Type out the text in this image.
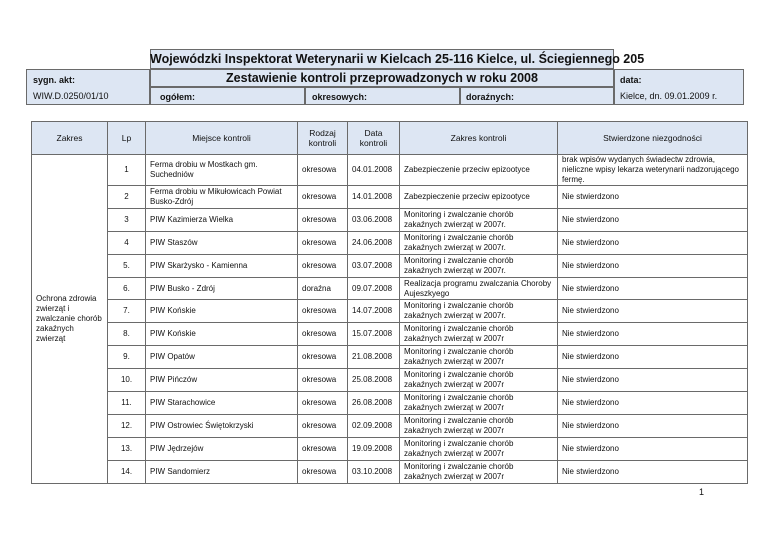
Wojewódzki Inspektorat Weterynarii w Kielcach 25-116 Kielce, ul. Ściegiennego 205
sygn. akt:
WIW.D.0250/01/10
Zestawienie kontroli przeprowadzonych w roku 2008
ogółem:	okresowych:	doraźnych:
data:
Kielce, dn. 09.01.2009 r.
Zakres	Lp	Miejsce kontroli	Rodzaj kontroli	Data kontroli	Zakres kontroli	Stwierdzone niezgodności
Ochrona zdrowia zwierząt i zwalczanie chorób zakaźnych zwierząt	1	Ferma drobiu w Mostkach gm. Suchedniów	okresowa	04.01.2008	Zabezpieczenie przeciw epizootyce	brak wpisów wydanych świadectw zdrowia, nieliczne wpisy lekarza weterynarii nadzorującego fermę.
	2	Ferma drobiu w Mikułowicach Powiat Busko-Zdrój	okresowa	14.01.2008	Zabezpieczenie przeciw epizootyce	Nie stwierdzono
	3	PIW Kazimierza Wielka	okresowa	03.06.2008	Monitoring i zwalczanie chorób zakaźnych zwierząt w 2007r.	Nie stwierdzono
	4	PIW Staszów	okresowa	24.06.2008	Monitoring i zwalczanie chorób zakaźnych zwierząt w 2007r.	Nie stwierdzono
	5.	PIW Skarżysko - Kamienna	okresowa	03.07.2008	Monitoring i zwalczanie chorób zakaźnych zwierząt w 2007r.	Nie stwierdzono
	6.	PIW Busko - Zdrój	doraźna	09.07.2008	Realizacja programu zwalczania Choroby Aujeszkyego	Nie stwierdzono
	7.	PIW Końskie	okresowa	14.07.2008	Monitoring i zwalczanie chorób zakaźnych zwierząt w 2007r.	Nie stwierdzono
	8.	PIW Końskie	okresowa	15.07.2008	Monitoring i zwalczanie chorób zakaźnych zwierząt w 2007r	Nie stwierdzono
	9.	PIW Opatów	okresowa	21.08.2008	Monitoring i zwalczanie chorób zakaźnych zwierząt w 2007r	Nie stwierdzono
	10.	PIW Pińczów	okresowa	25.08.2008	Monitoring i zwalczanie chorób zakaźnych zwierząt w 2007r	Nie stwierdzono
	11.	PIW Starachowice	okresowa	26.08.2008	Monitoring i zwalczanie chorób zakaźnych zwierząt w 2007r	Nie stwierdzono
	12.	PIW Ostrowiec Świętokrzyski	okresowa	02.09.2008	Monitoring i zwalczanie chorób zakaźnych zwierząt w 2007r	Nie stwierdzono
	13.	PIW Jędrzejów	okresowa	19.09.2008	Monitoring i zwalczanie chorób zakaźnych zwierząt w 2007r	Nie stwierdzono
	14.	PIW Sandomierz	okresowa	03.10.2008	Monitoring i zwalczanie chorób zakaźnych zwierząt w 2007r	Nie stwierdzono
1
